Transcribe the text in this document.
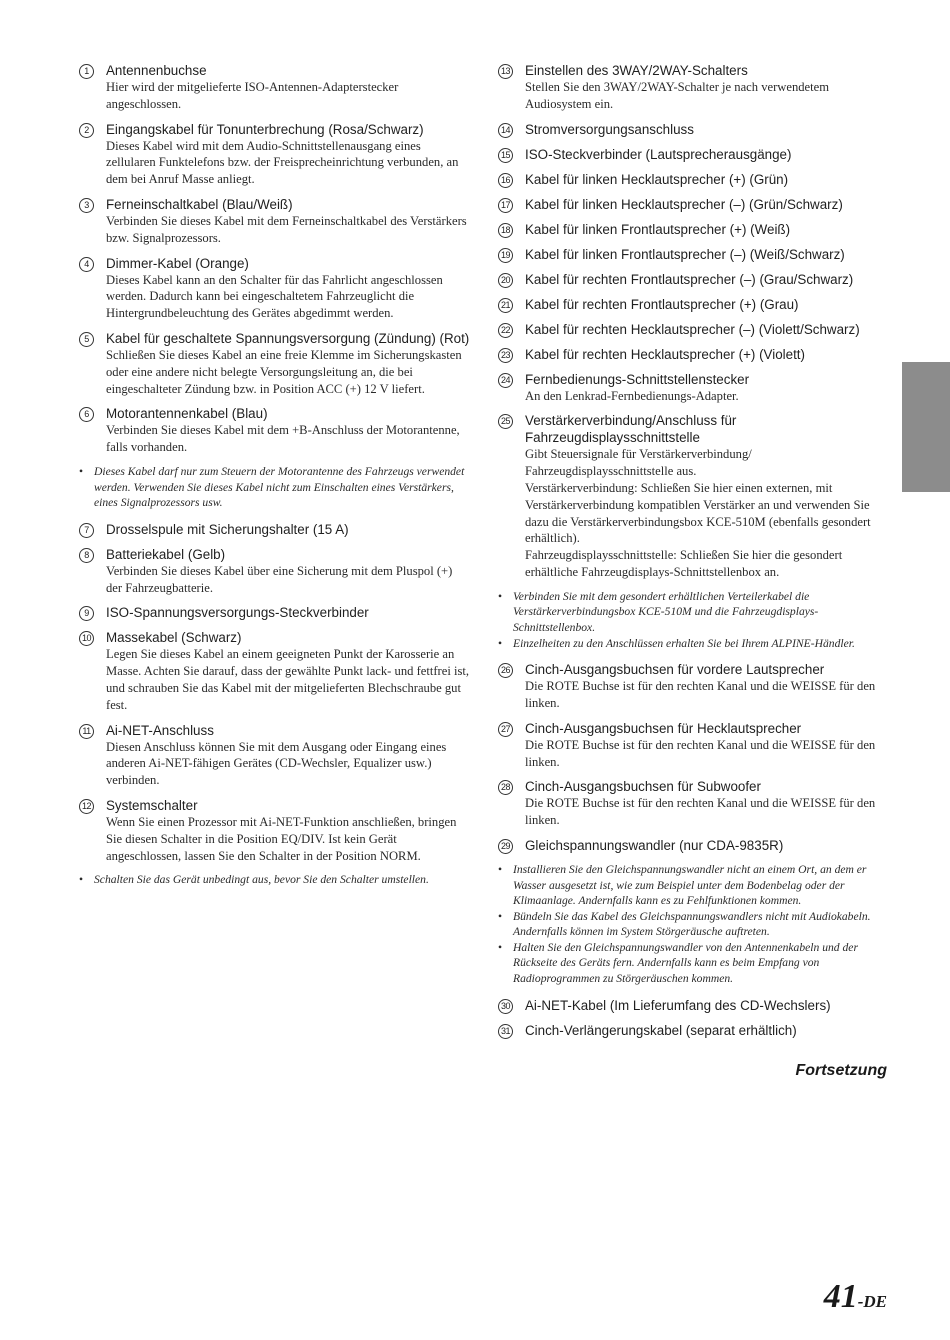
1	Antennenbuchse
Hier wird der mitgelieferte ISO-Antennen-Adapterstecker angeschlossen.
2	Eingangskabel für Tonunterbrechung (Rosa/Schwarz)
Dieses Kabel wird mit dem Audio-Schnittstellenausgang eines zellularen Funktelefons bzw. der Freisprecheinrichtung verbunden, an dem bei Anruf Masse anliegt.
3	Ferneinschaltkabel (Blau/Weiß)
Verbinden Sie dieses Kabel mit dem Ferneinschaltkabel des Verstärkers bzw. Signalprozessors.
4	Dimmer-Kabel (Orange)
Dieses Kabel kann an den Schalter für das Fahrlicht angeschlossen werden. Dadurch kann bei eingeschaltetem Fahrzeuglicht die Hintergrundbeleuchtung des Gerätes abgedimmt werden.
5	Kabel für geschaltete Spannungsversorgung (Zündung) (Rot)
Schließen Sie dieses Kabel an eine freie Klemme im Sicherungskasten oder eine andere nicht belegte Versorgungsleitung an, die bei eingeschalteter Zündung bzw. in Position ACC (+) 12 V liefert.
6	Motorantennenkabel (Blau)
Verbinden Sie dieses Kabel mit dem +B-Anschluss der Motorantenne, falls vorhanden.
• Dieses Kabel darf nur zum Steuern der Motorantenne des Fahrzeugs verwendet werden. Verwenden Sie dieses Kabel nicht zum Einschalten eines Verstärkers, eines Signalprozessors usw.
7	Drosselspule mit Sicherungshalter (15 A)
8	Batteriekabel (Gelb)
Verbinden Sie dieses Kabel über eine Sicherung mit dem Pluspol (+) der Fahrzeugbatterie.
9	ISO-Spannungsversorgungs-Steckverbinder
10 Massekabel (Schwarz)
Legen Sie dieses Kabel an einem geeigneten Punkt der Karosserie an Masse. Achten Sie darauf, dass der gewählte Punkt lack- und fettfrei ist, und schrauben Sie das Kabel mit der mitgelieferten Blechschraube gut fest.
11 Ai-NET-Anschluss
Diesen Anschluss können Sie mit dem Ausgang oder Eingang eines anderen Ai-NET-fähigen Gerätes (CD-Wechsler, Equalizer usw.) verbinden.
12 Systemschalter
Wenn Sie einen Prozessor mit Ai-NET-Funktion anschließen, bringen Sie diesen Schalter in die Position EQ/DIV. Ist kein Gerät angeschlossen, lassen Sie den Schalter in der Position NORM.
• Schalten Sie das Gerät unbedingt aus, bevor Sie den Schalter umstellen.
13 Einstellen des 3WAY/2WAY-Schalters
Stellen Sie den 3WAY/2WAY-Schalter je nach verwendetem Audiosystem ein.
14 Stromversorgungsanschluss
15 ISO-Steckverbinder (Lautsprecherausgänge)
16 Kabel für linken Hecklautsprecher (+) (Grün)
17 Kabel für linken Hecklautsprecher (–) (Grün/Schwarz)
18 Kabel für linken Frontlautsprecher (+) (Weiß)
19 Kabel für linken Frontlautsprecher (–) (Weiß/Schwarz)
20 Kabel für rechten Frontlautsprecher (–) (Grau/Schwarz)
21 Kabel für rechten Frontlautsprecher (+) (Grau)
22 Kabel für rechten Hecklautsprecher (–) (Violett/Schwarz)
23 Kabel für rechten Hecklautsprecher (+) (Violett)
24 Fernbedienungs-Schnittstellenstecker
An den Lenkrad-Fernbedienungs-Adapter.
25 Verstärkerverbindung/Anschluss für Fahrzeugdisplaysschnittstelle
Gibt Steuersignale für Verstärkerverbindung/ Fahrzeugdisplaysschnittstelle aus.
Verstärkerverbindung: Schließen Sie hier einen externen, mit Verstärkerverbindung kompatiblen Verstärker an und verwenden Sie dazu die Verstärkerverbindungsbox KCE-510M (ebenfalls gesondert erhältlich).
Fahrzeugdisplaysschnittstelle: Schließen Sie hier die gesondert erhältliche Fahrzeugdisplays-Schnittstellenbox an.
• Verbinden Sie mit dem gesondert erhältlichen Verteilerkabel die Verstärkerverbindungsbox KCE-510M und die Fahrzeugdisplays-Schnittstellenbox.
• Einzelheiten zu den Anschlüssen erhalten Sie bei Ihrem ALPINE-Händler.
26 Cinch-Ausgangsbuchsen für vordere Lautsprecher
Die ROTE Buchse ist für den rechten Kanal und die WEISSE für den linken.
27 Cinch-Ausgangsbuchsen für Hecklautsprecher
Die ROTE Buchse ist für den rechten Kanal und die WEISSE für den linken.
28 Cinch-Ausgangsbuchsen für Subwoofer
Die ROTE Buchse ist für den rechten Kanal und die WEISSE für den linken.
29 Gleichspannungswandler (nur CDA-9835R)
• Installieren Sie den Gleichspannungswandler nicht an einem Ort, an dem er Wasser ausgesetzt ist, wie zum Beispiel unter dem Bodenbelag oder der Klimaanlage. Andernfalls kann es zu Fehlfunktionen kommen.
• Bündeln Sie das Kabel des Gleichspannungswandlers nicht mit Audiokabeln. Andernfalls können im System Störgeräusche auftreten.
• Halten Sie den Gleichspannungswandler von den Antennenkabeln und der Rückseite des Geräts fern. Andernfalls kann es beim Empfang von Radioprogrammen zu Störgeräuschen kommen.
30 Ai-NET-Kabel (Im Lieferumfang des CD-Wechslers)
31 Cinch-Verlängerungskabel (separat erhältlich)
Fortsetzung
41-DE
